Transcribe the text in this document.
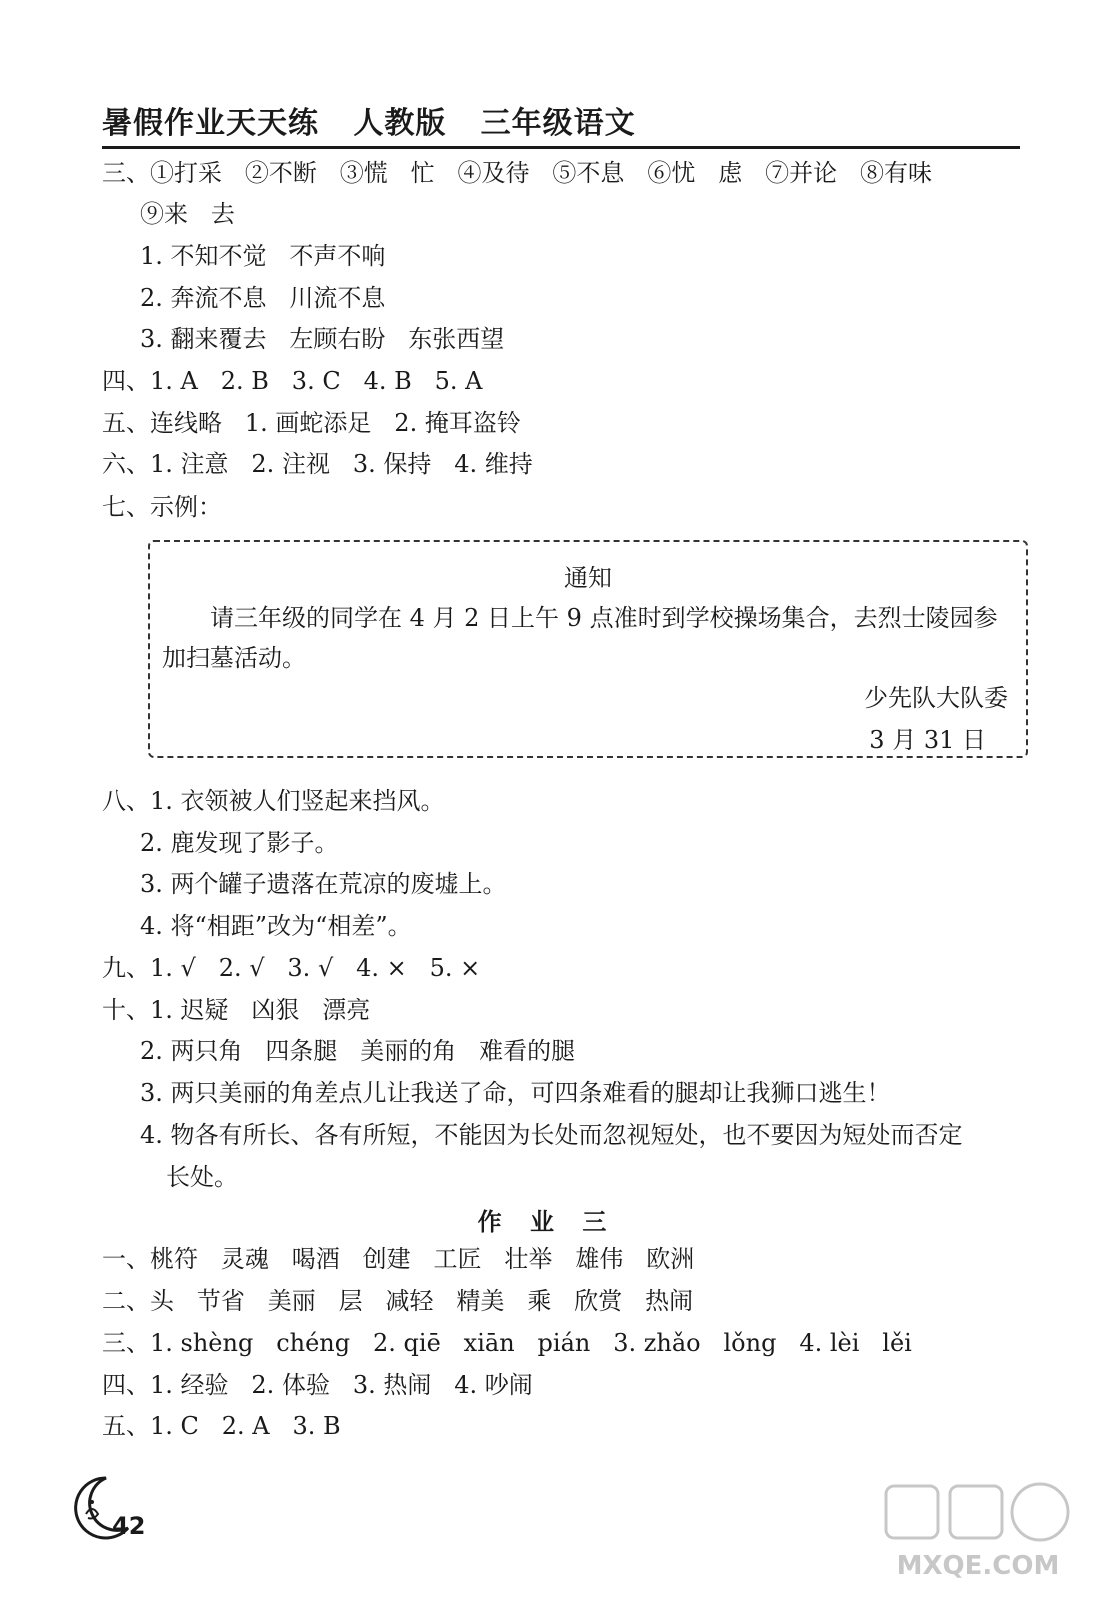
暑假作业天天练   人教版   三年级语文
三、①打采   ②不断   ③慌   忙   ④及待   ⑤不息   ⑥忧   虑   ⑦并论   ⑧有味
⑨来   去
1. 不知不觉   不声不响
2. 奔流不息   川流不息
3. 翻来覆去   左顾右盼   东张西望
四、1. A   2. B   3. C   4. B   5. A
五、连线略   1. 画蛇添足   2. 掩耳盗铃
六、1. 注意   2. 注视   3. 保持   4. 维持
七、示例：
通知
请三年级的同学在 4 月 2 日上午 9 点准时到学校操场集合，去烈士陵园参加扫墓活动。
少先队大队委
3 月 31 日
八、1. 衣领被人们竖起来挡风。
2. 鹿发现了影子。
3. 两个罐子遗落在荒凉的废墟上。
4. 将“相距”改为“相差”。
九、1. √   2. √   3. √   4. ×   5. ×
十、1. 迟疑   凶狠   漂亮
2. 两只角   四条腿   美丽的角   难看的腿
3. 两只美丽的角差点儿让我送了命，可四条难看的腿却让我狮口逃生！
4. 物各有所长、各有所短，不能因为长处而忽视短处，也不要因为短处而否定
长处。
作 业 三
一、桃符   灵魂   喝酒   创建   工匠   壮举   雄伟   欧洲
二、头   节省   美丽   层   减轻   精美   乘   欣赏   热闹
三、1. shèng   chéng   2. qiē   xiān   pián   3. zhǎo   lǒng   4. lèi   lěi
四、1. 经验   2. 体验   3. 热闹   4. 吵闹
五、1. C   2. A   3. B
42
MXQE.COM
